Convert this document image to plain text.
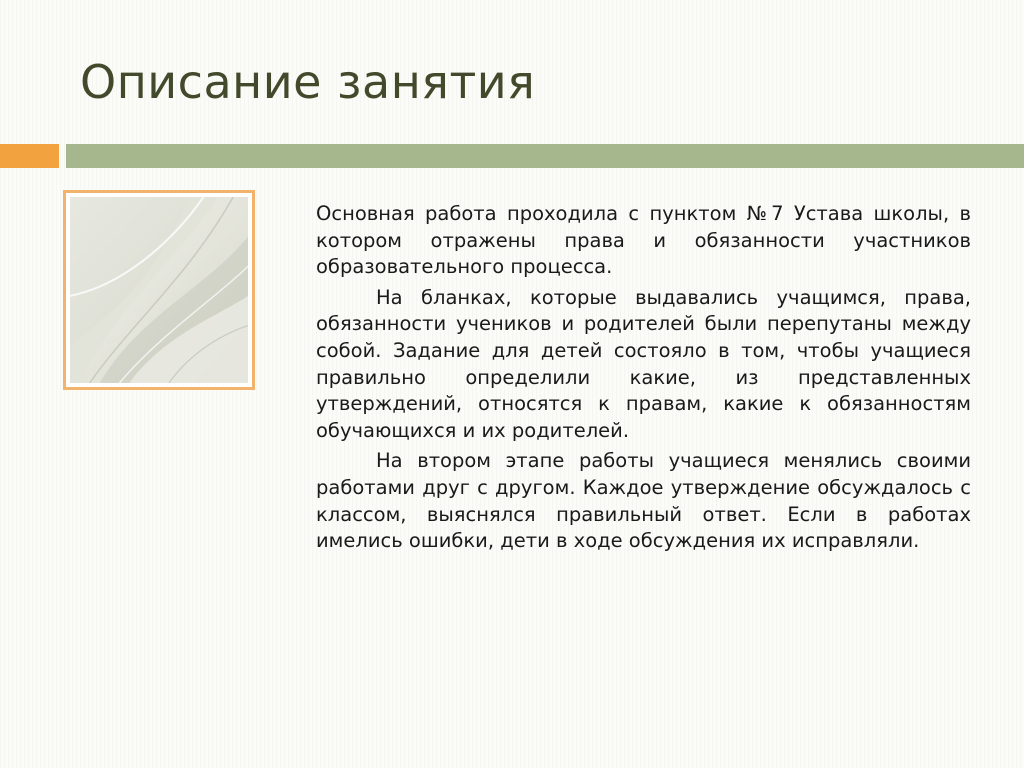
Описание занятия

Основная работа проходила с пунктом №7 Устава школы, в котором отражены права и обязанности участников образовательного процесса.

На бланках, которые выдавались учащимся, права, обязанности учеников и родителей были перепутаны между собой. Задание для детей состояло в том, чтобы учащиеся правильно определили какие, из представленных утверждений, относятся к правам, какие к обязанностям обучающихся и их родителей.

На втором этапе работы учащиеся менялись своими работами друг с другом. Каждое утверждение обсуждалось с классом, выяснялся правильный ответ. Если в работах имелись ошибки, дети в ходе обсуждения их исправляли.
